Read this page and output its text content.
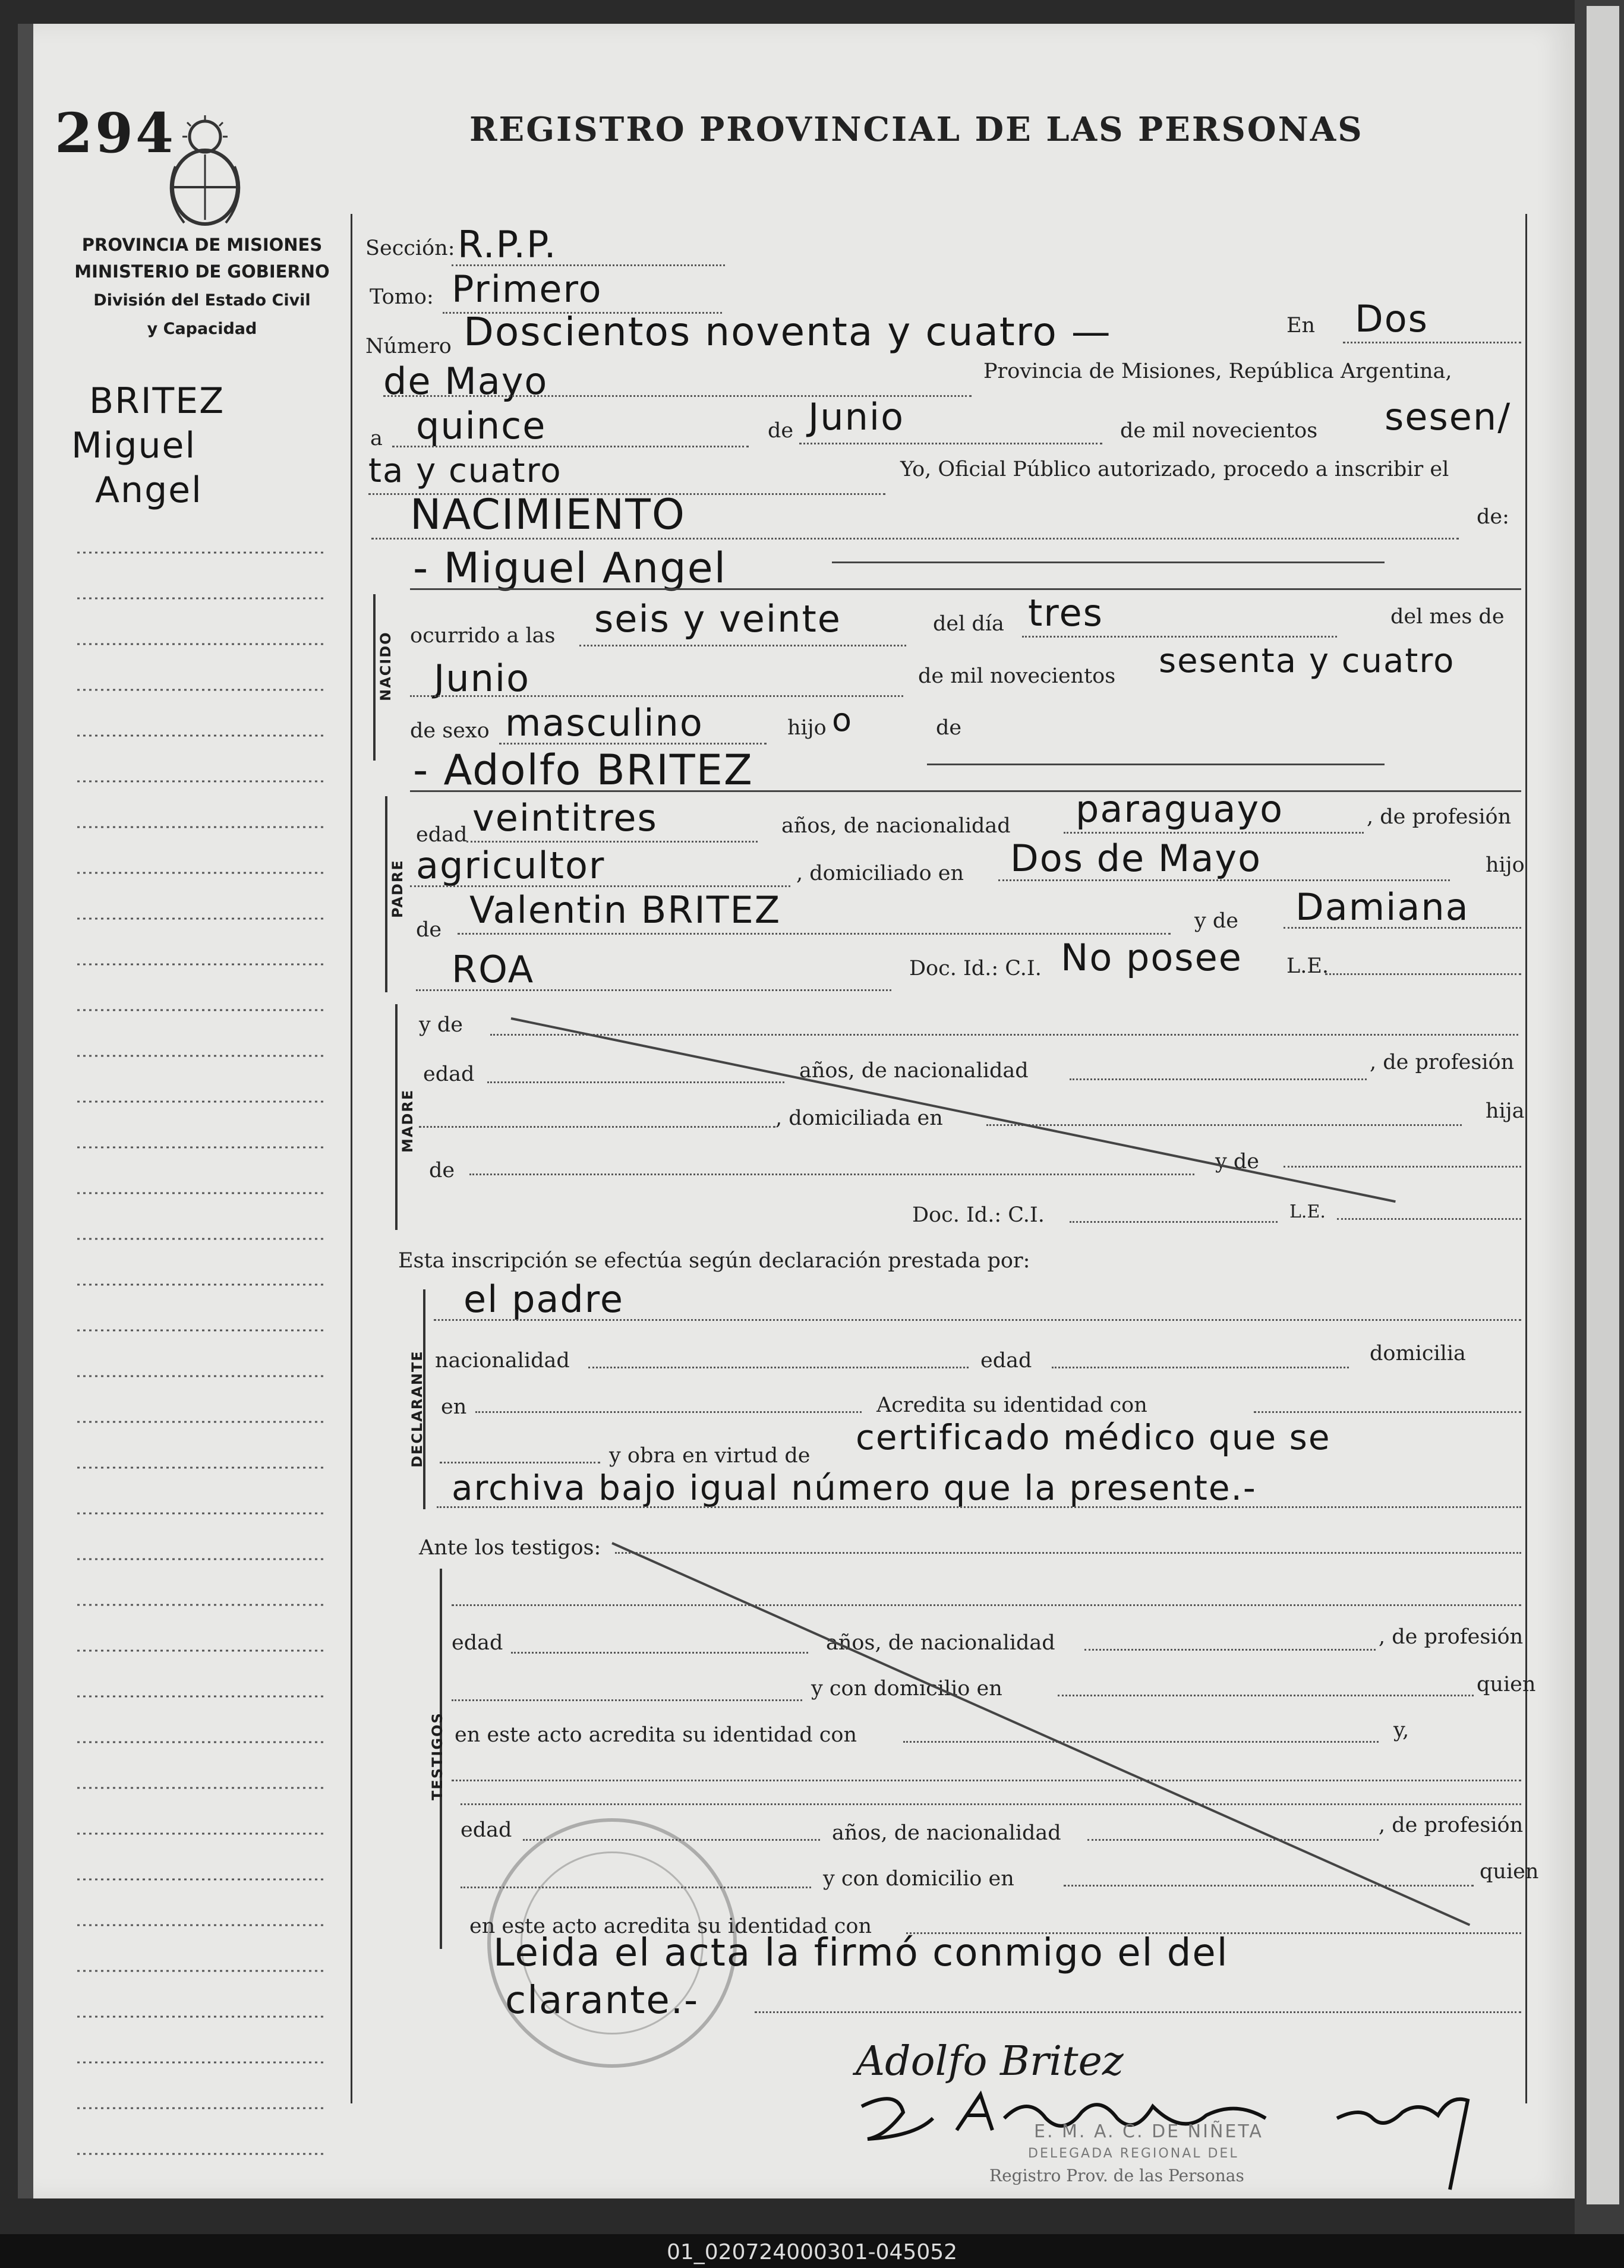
294	REGISTRO PROVINCIAL DE LAS PERSONAS
PROVINCIA DE MISIONES
MINISTERIO DE GOBIERNO
División del Estado Civil
y Capacidad
BRITEZ
Miguel
Angel
Sección: R.P.P.
Tomo: Primero
Número Doscientos noventa y cuatro —	En Dos
de Mayo	Provincia de Misiones, República Argentina,
a quince	de Junio	de mil novecientos sesen/
ta y cuatro	Yo, Oficial Público autorizado, procedo a inscribir el
NACIMIENTO	de:
- Miguel Angel
NACIDO ocurrido a las seis y veinte	del día tres	del mes de
Junio	de mil novecientos sesenta y cuatro
de sexo masculino	hijo o	de
- Adolfo BRITEZ
PADRE
edad veintitres	años, de nacionalidad paraguayo	, de profesión
agricultor	, domiciliado en Dos de Mayo	hijo
de Valentin BRITEZ	y de Damiana
ROA	Doc. Id.: C.I. No posee L.E.
MADRE
y de
edad	años, de nacionalidad	, de profesión
, domiciliada en	hija
de	y de
Doc. Id.: C.I.	L.E.
Esta inscripción se efectúa según declaración prestada por:
DECLARANTE
el padre
nacionalidad	edad	domicilia
en	Acredita su identidad con
y obra en virtud de certificado médico que se
archiva bajo igual número que la presente.-
Ante los testigos:
TESTIGOS
edad	años, de nacionalidad	, de profesión
y con domicilio en	quien
en este acto acredita su identidad con	y,
edad	años, de nacionalidad	, de profesión
y con domicilio en	quien
en este acto acredita su identidad con
Leida el acta la firmó conmigo el del
clarante.-
Adolfo Britez
E. M. A. C. DE NIÑETA
DELEGADA REGIONAL DEL
Registro Prov. de las Personas
01_020724000301-045052
